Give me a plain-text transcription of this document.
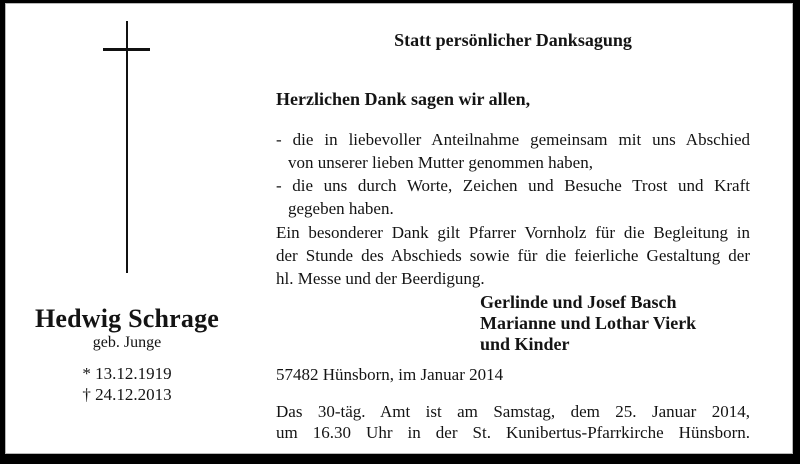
Hedwig Schrage
geb. Junge
* 13.12.1919
† 24.12.2013
Statt persönlicher Danksagung
Herzlichen Dank sagen wir allen,
- die in liebevoller Anteilnahme gemeinsam mit uns Abschied
von unserer lieben Mutter genommen haben,
- die uns durch Worte, Zeichen und Besuche Trost und Kraft
gegeben haben.
Ein besonderer Dank gilt Pfarrer Vornholz für die Begleitung in
der Stunde des Abschieds sowie für die feierliche Gestaltung der
hl. Messe und der Beerdigung.
Gerlinde und Josef Basch
Marianne und Lothar Vierk
und Kinder
57482 Hünsborn, im Januar 2014
Das 30-täg. Amt ist am Samstag, dem 25. Januar 2014,
um 16.30 Uhr in der St. Kunibertus-Pfarrkirche Hünsborn.
